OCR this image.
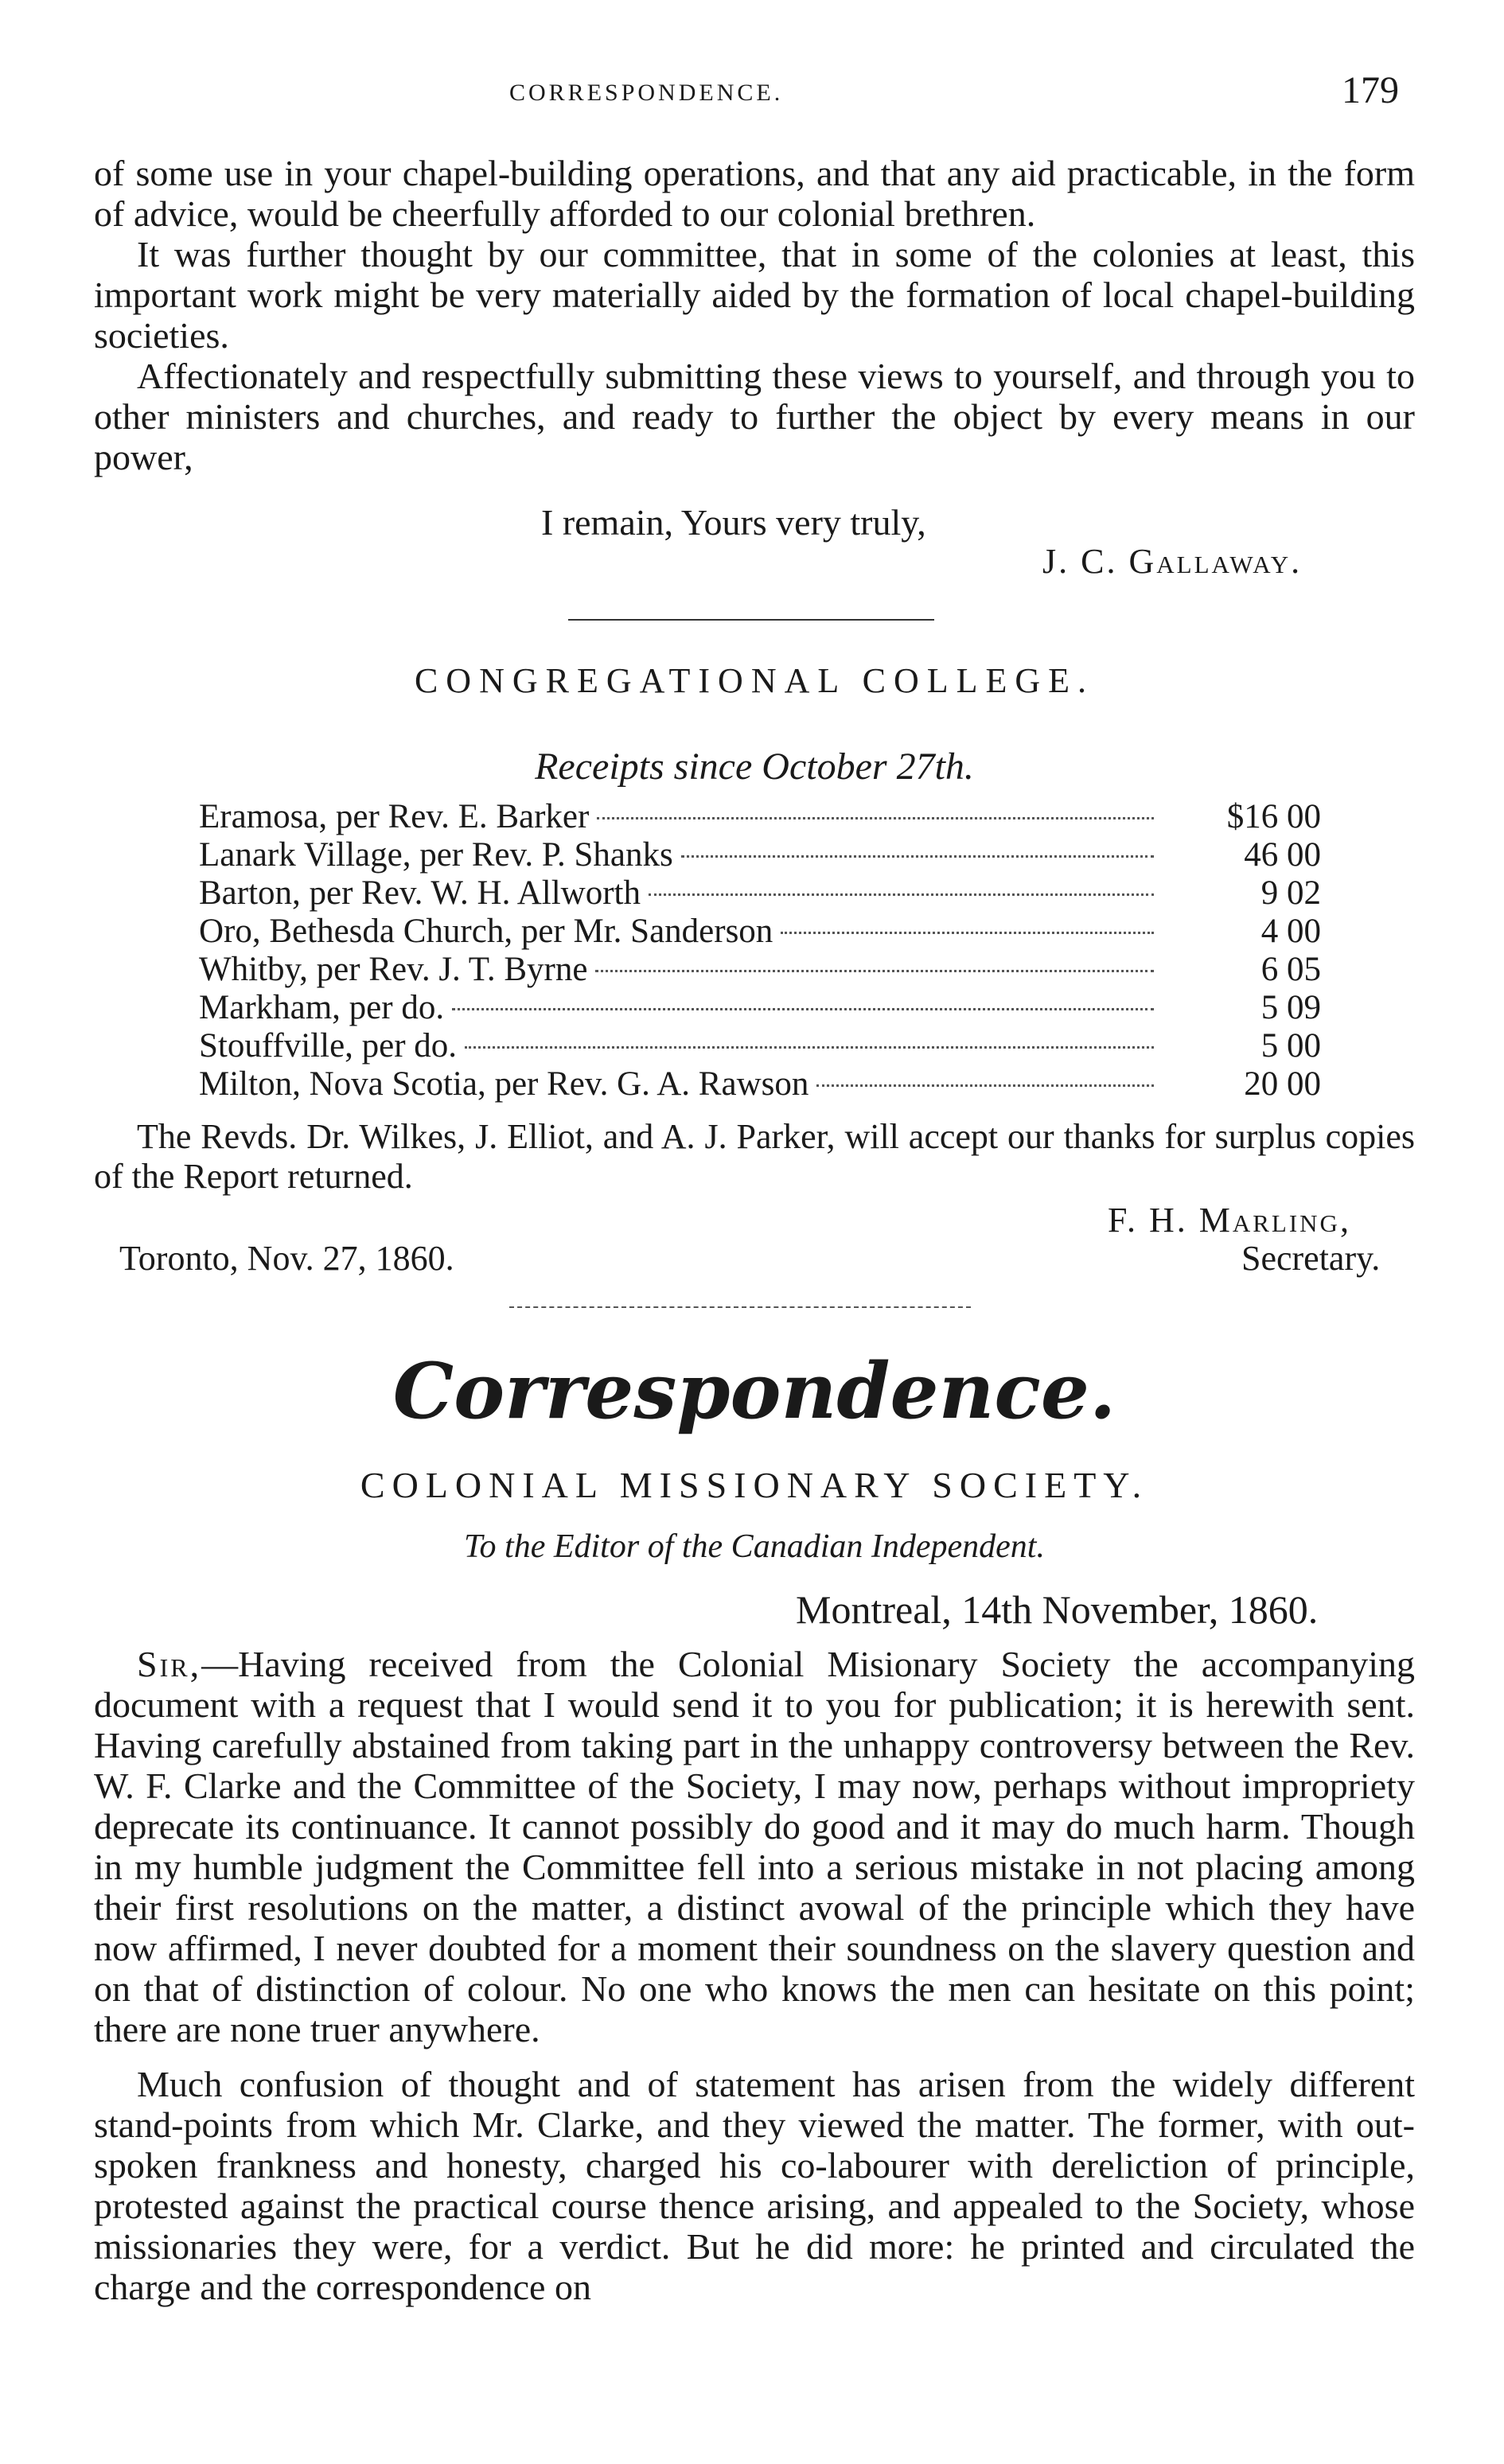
CORRESPONDENCE.	179

of some use in your chapel-building operations, and that any aid practicable, in the form of advice, would be cheerfully afforded to our colonial brethren.

It was further thought by our committee, that in some of the colonies at least, this important work might be very materially aided by the formation of local chapel-building societies.

Affectionately and respectfully submitting these views to yourself, and through you to other ministers and churches, and ready to further the object by every means in our power,

I remain, Yours very truly,
J. C. Gallaway.
CONGREGATIONAL COLLEGE.
Receipts since October 27th.
Eramosa, per Rev. E. Barker	$16 00
Lanark Village, per Rev. P. Shanks	46 00
Barton, per Rev. W. H. Allworth	9 02
Oro, Bethesda Church, per Mr. Sanderson	4 00
Whitby, per Rev. J. T. Byrne	6 05
Markham, per do.	5 09
Stouffville, per do.	5 00
Milton, Nova Scotia, per Rev. G. A. Rawson	20 00
The Revds. Dr. Wilkes, J. Elliot, and A. J. Parker, will accept our thanks for surplus copies of the Report returned.
F. H. Marling,
Toronto, Nov. 27, 1860.	Secretary.
Correspondence.
COLONIAL MISSIONARY SOCIETY.
To the Editor of the Canadian Independent.
Montreal, 14th November, 1860.

Sir,—Having received from the Colonial Misionary Society the accompanying document with a request that I would send it to you for publication; it is herewith sent. Having carefully abstained from taking part in the unhappy controversy between the Rev. W. F. Clarke and the Committee of the Society, I may now, perhaps without impropriety deprecate its continuance. It cannot possibly do good and it may do much harm. Though in my humble judgment the Committee fell into a serious mistake in not placing among their first resolutions on the matter, a distinct avowal of the principle which they have now affirmed, I never doubted for a moment their soundness on the slavery question and on that of distinction of colour. No one who knows the men can hesitate on this point; there are none truer anywhere.

Much confusion of thought and of statement has arisen from the widely different stand-points from which Mr. Clarke, and they viewed the matter. The former, with out-spoken frankness and honesty, charged his co-labourer with dereliction of principle, protested against the practical course thence arising, and appealed to the Society, whose missionaries they were, for a verdict. But he did more: he printed and circulated the charge and the correspondence on
